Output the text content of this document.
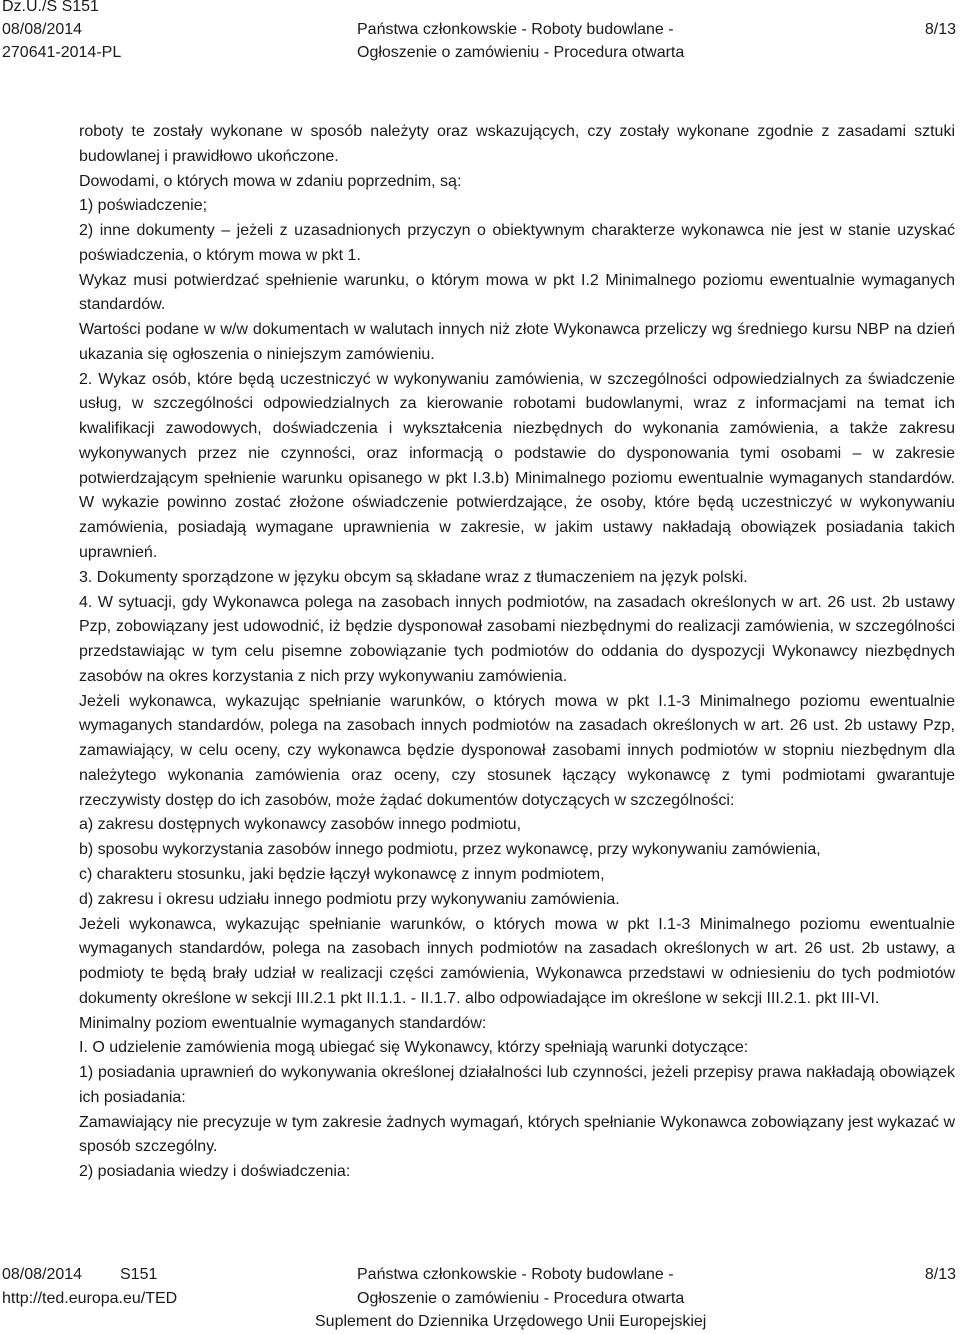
Dz.U./S S151
08/08/2014
270641-2014-PL
Państwa członkowskie - Roboty budowlane -
Ogłoszenie o zamówieniu - Procedura otwarta
8/13

roboty te zostały wykonane w sposób należyty oraz wskazujących, czy zostały wykonane zgodnie z zasadami sztuki budowlanej i prawidłowo ukończone.

Dowodami, o których mowa w zdaniu poprzednim, są:

1) poświadczenie;

2) inne dokumenty – jeżeli z uzasadnionych przyczyn o obiektywnym charakterze wykonawca nie jest w stanie uzyskać poświadczenia, o którym mowa w pkt 1.

Wykaz musi potwierdzać spełnienie warunku, o którym mowa w pkt I.2 Minimalnego poziomu ewentualnie wymaganych standardów.

Wartości podane w w/w dokumentach w walutach innych niż złote Wykonawca przeliczy wg średniego kursu NBP na dzień ukazania się ogłoszenia o niniejszym zamówieniu.

2. Wykaz osób, które będą uczestniczyć w wykonywaniu zamówienia, w szczególności odpowiedzialnych za świadczenie usług, w szczególności odpowiedzialnych za kierowanie robotami budowlanymi, wraz z informacjami na temat ich kwalifikacji zawodowych, doświadczenia i wykształcenia niezbędnych do wykonania zamówienia, a także zakresu wykonywanych przez nie czynności, oraz informacją o podstawie do dysponowania tymi osobami – w zakresie potwierdzającym spełnienie warunku opisanego w pkt I.3.b) Minimalnego poziomu ewentualnie wymaganych standardów. W wykazie powinno zostać złożone oświadczenie potwierdzające, że osoby, które będą uczestniczyć w wykonywaniu zamówienia, posiadają wymagane uprawnienia w zakresie, w jakim ustawy nakładają obowiązek posiadania takich uprawnień.

3. Dokumenty sporządzone w języku obcym są składane wraz z tłumaczeniem na język polski.

4. W sytuacji, gdy Wykonawca polega na zasobach innych podmiotów, na zasadach określonych w art. 26 ust. 2b ustawy Pzp, zobowiązany jest udowodnić, iż będzie dysponował zasobami niezbędnymi do realizacji zamówienia, w szczególności przedstawiając w tym celu pisemne zobowiązanie tych podmiotów do oddania do dyspozycji Wykonawcy niezbędnych zasobów na okres korzystania z nich przy wykonywaniu zamówienia.

Jeżeli wykonawca, wykazując spełnianie warunków, o których mowa w pkt I.1-3 Minimalnego poziomu ewentualnie wymaganych standardów, polega na zasobach innych podmiotów na zasadach określonych w art. 26 ust. 2b ustawy Pzp, zamawiający, w celu oceny, czy wykonawca będzie dysponował zasobami innych podmiotów w stopniu niezbędnym dla należytego wykonania zamówienia oraz oceny, czy stosunek łączący wykonawcę z tymi podmiotami gwarantuje rzeczywisty dostęp do ich zasobów, może żądać dokumentów dotyczących w szczególności:

a) zakresu dostępnych wykonawcy zasobów innego podmiotu,

b) sposobu wykorzystania zasobów innego podmiotu, przez wykonawcę, przy wykonywaniu zamówienia,

c) charakteru stosunku, jaki będzie łączył wykonawcę z innym podmiotem,

d) zakresu i okresu udziału innego podmiotu przy wykonywaniu zamówienia.

Jeżeli wykonawca, wykazując spełnianie warunków, o których mowa w pkt I.1-3 Minimalnego poziomu ewentualnie wymaganych standardów, polega na zasobach innych podmiotów na zasadach określonych w art. 26 ust. 2b ustawy, a podmioty te będą brały udział w realizacji części zamówienia, Wykonawca przedstawi w odniesieniu do tych podmiotów dokumenty określone w sekcji III.2.1 pkt II.1.1. - II.1.7. albo odpowiadające im określone w sekcji III.2.1. pkt III-VI.

Minimalny poziom ewentualnie wymaganych standardów:

I. O udzielenie zamówienia mogą ubiegać się Wykonawcy, którzy spełniają warunki dotyczące:

1) posiadania uprawnień do wykonywania określonej działalności lub czynności, jeżeli przepisy prawa nakładają obowiązek ich posiadania:

Zamawiający nie precyzuje w tym zakresie żadnych wymagań, których spełnianie Wykonawca zobowiązany jest wykazać w sposób szczególny.

2) posiadania wiedzy i doświadczenia:

08/08/2014 S151
http://ted.europa.eu/TED
Państwa członkowskie - Roboty budowlane -
Ogłoszenie o zamówieniu - Procedura otwarta
Suplement do Dziennika Urzędowego Unii Europejskiej
8/13
